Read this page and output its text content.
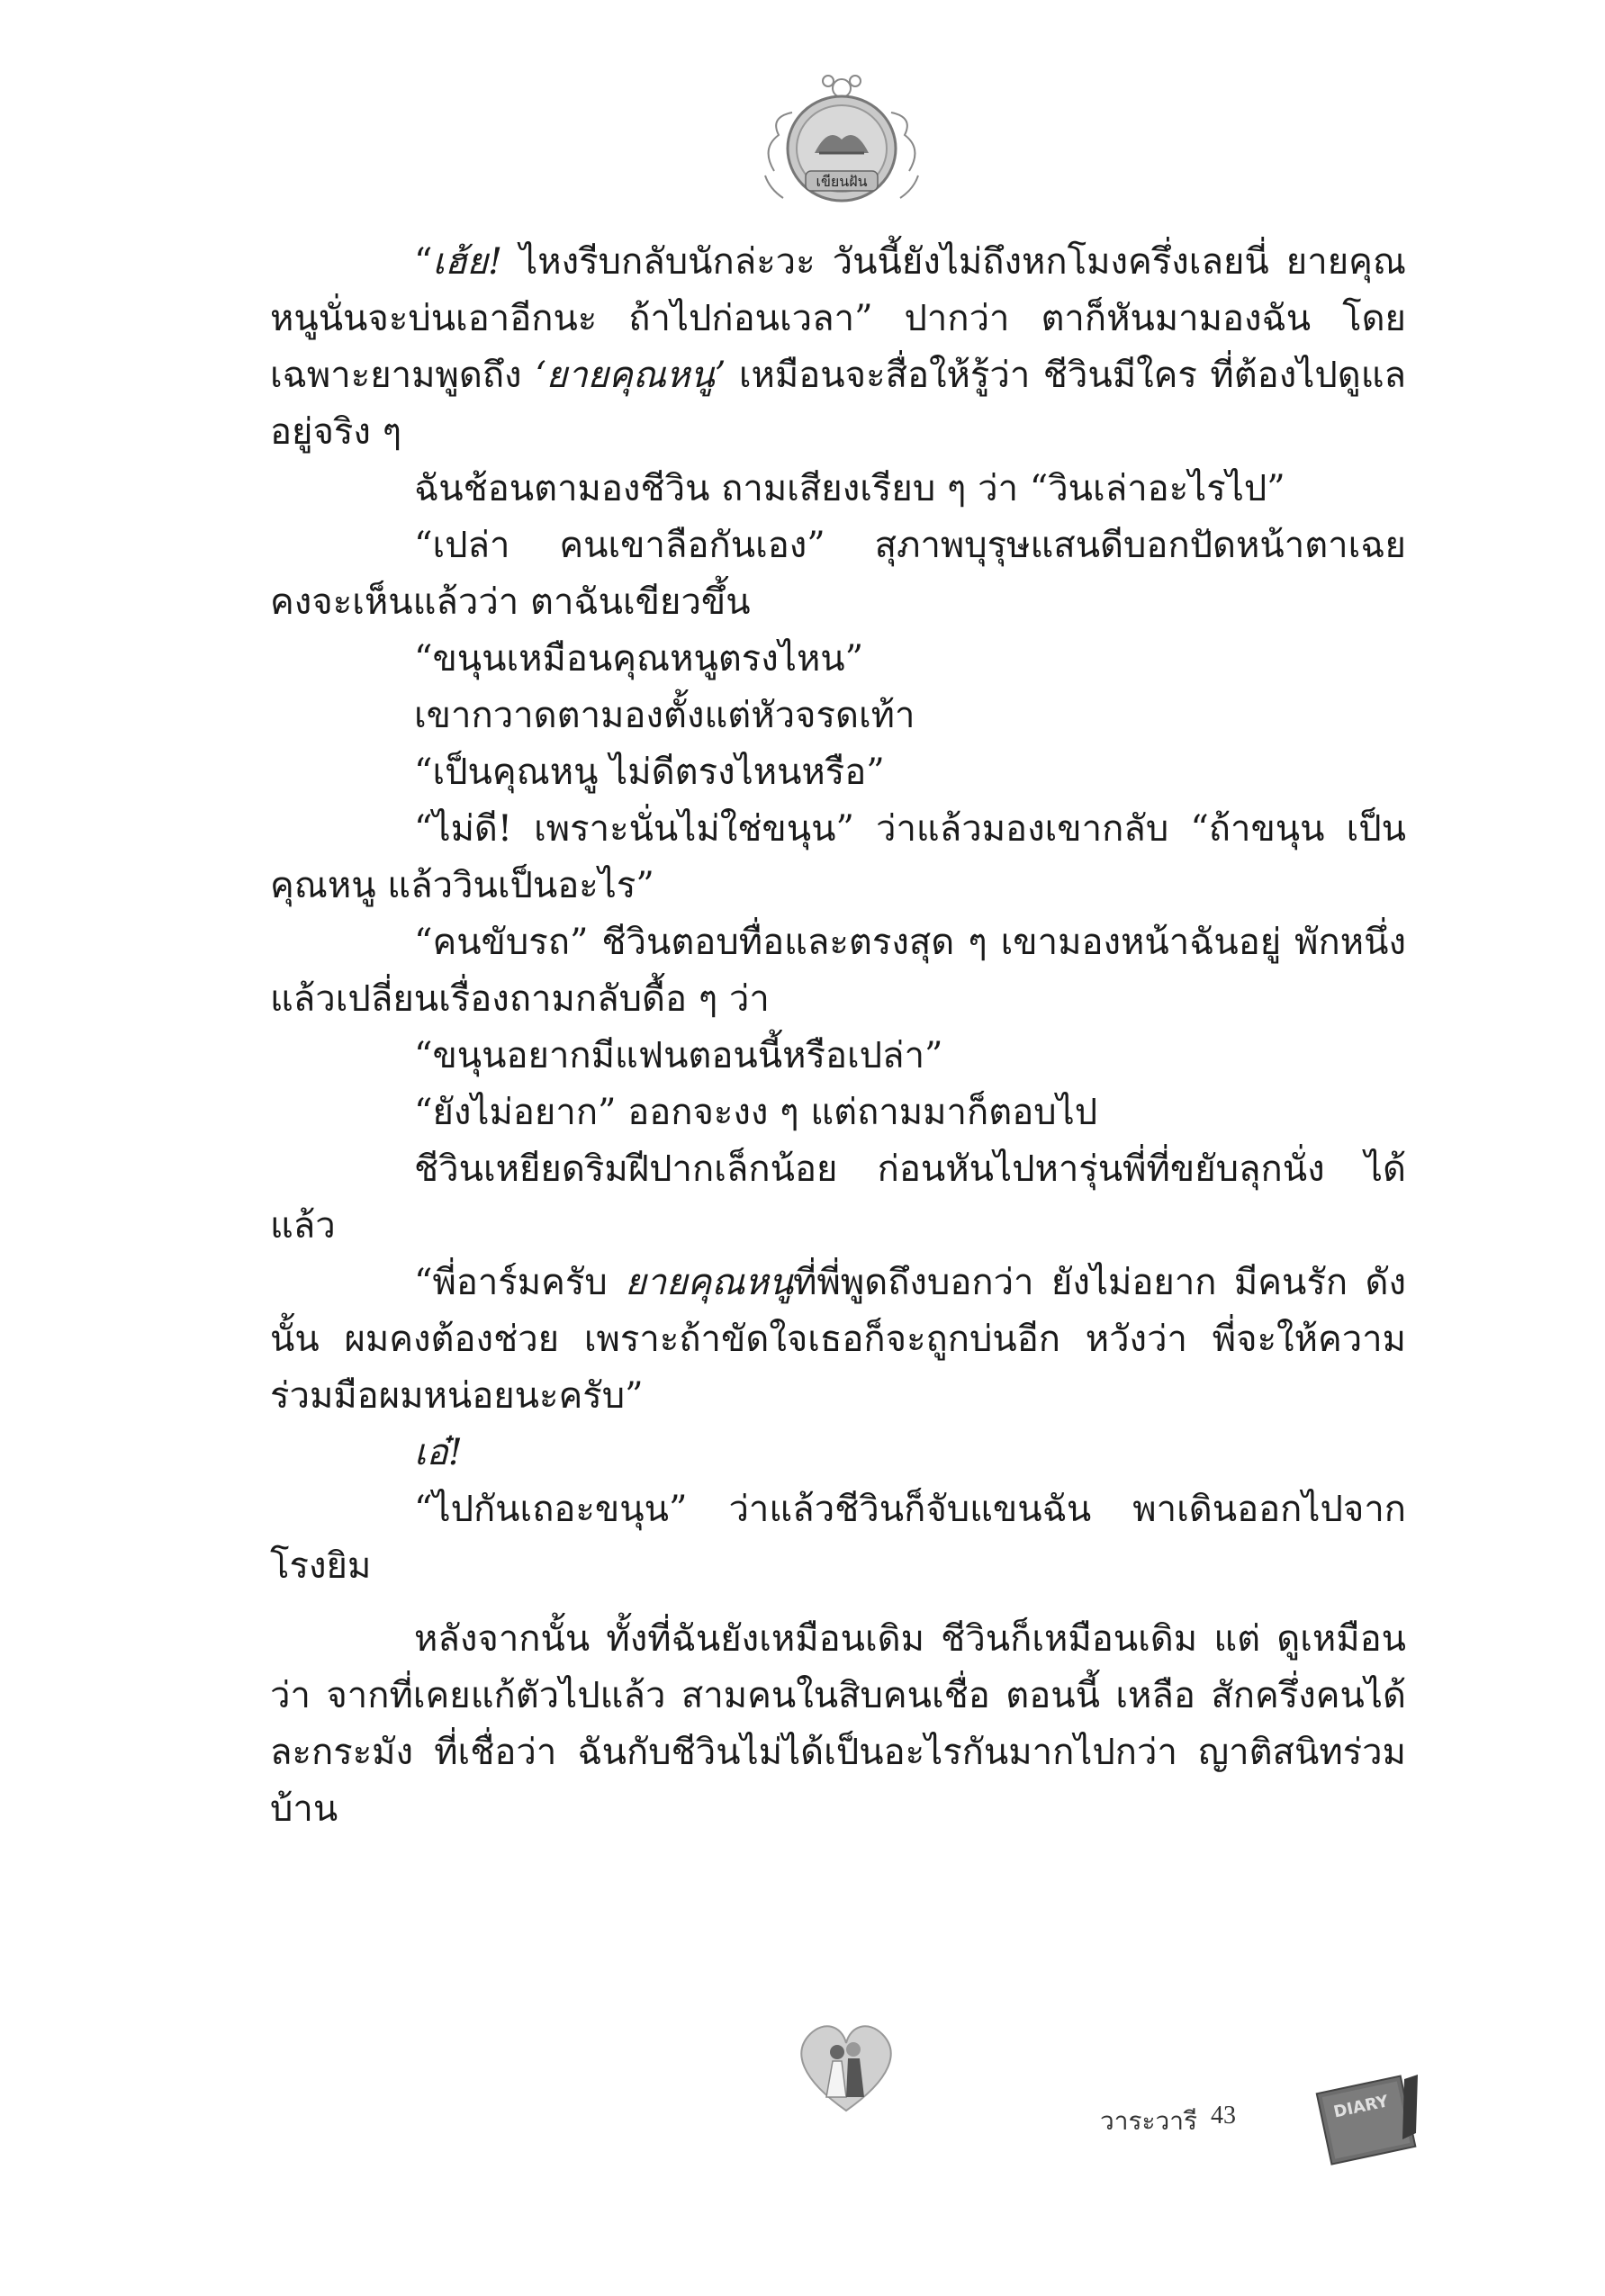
เขียนฝัน

“เฮ้ย! ไหงรีบกลับนักล่ะวะ วันนี้ยังไม่ถึงหกโมงครึ่งเลยนี่ ยายคุณหนูนั่นจะบ่นเอาอีกนะ ถ้าไปก่อนเวลา” ปากว่า ตาก็หันมามองฉัน โดยเฉพาะยามพูดถึง ‘ยายคุณหนู’ เหมือนจะสื่อให้รู้ว่า ชีวินมีใคร ที่ต้องไปดูแลอยู่จริง ๆ

ฉันช้อนตามองชีวิน ถามเสียงเรียบ ๆ ว่า “วินเล่าอะไรไป”

“เปล่า คนเขาลือกันเอง” สุภาพบุรุษแสนดีบอกปัดหน้าตาเฉย คงจะเห็นแล้วว่า ตาฉันเขียวขึ้น

“ขนุนเหมือนคุณหนูตรงไหน”

เขากวาดตามองตั้งแต่หัวจรดเท้า

“เป็นคุณหนู ไม่ดีตรงไหนหรือ”

“ไม่ดี! เพราะนั่นไม่ใช่ขนุน” ว่าแล้วมองเขากลับ “ถ้าขนุน เป็นคุณหนู แล้ววินเป็นอะไร”

“คนขับรถ” ชีวินตอบทื่อและตรงสุด ๆ เขามองหน้าฉันอยู่ พักหนึ่ง แล้วเปลี่ยนเรื่องถามกลับดื้อ ๆ ว่า

“ขนุนอยากมีแฟนตอนนี้หรือเปล่า”

“ยังไม่อยาก” ออกจะงง ๆ แต่ถามมาก็ตอบไป

ชีวินเหยียดริมฝีปากเล็กน้อย ก่อนหันไปหารุ่นพี่ที่ขยับลุกนั่ง ได้แล้ว

“พี่อาร์มครับ ยายคุณหนูที่พี่พูดถึงบอกว่า ยังไม่อยาก มีคนรัก ดังนั้น ผมคงต้องช่วย เพราะถ้าขัดใจเธอก็จะถูกบ่นอีก หวังว่า พี่จะให้ความร่วมมือผมหน่อยนะครับ”

เอ๋!

“ไปกันเถอะขนุน” ว่าแล้วชีวินก็จับแขนฉัน พาเดินออกไปจาก โรงยิม

หลังจากนั้น ทั้งที่ฉันยังเหมือนเดิม ชีวินก็เหมือนเดิม แต่ ดูเหมือนว่า จากที่เคยแก้ตัวไปแล้ว สามคนในสิบคนเชื่อ ตอนนี้ เหลือ สักครึ่งคนได้ละกระมัง ที่เชื่อว่า ฉันกับชีวินไม่ได้เป็นอะไรกันมากไปกว่า ญาติสนิทร่วมบ้าน

วาระวารี 43	DIARY
